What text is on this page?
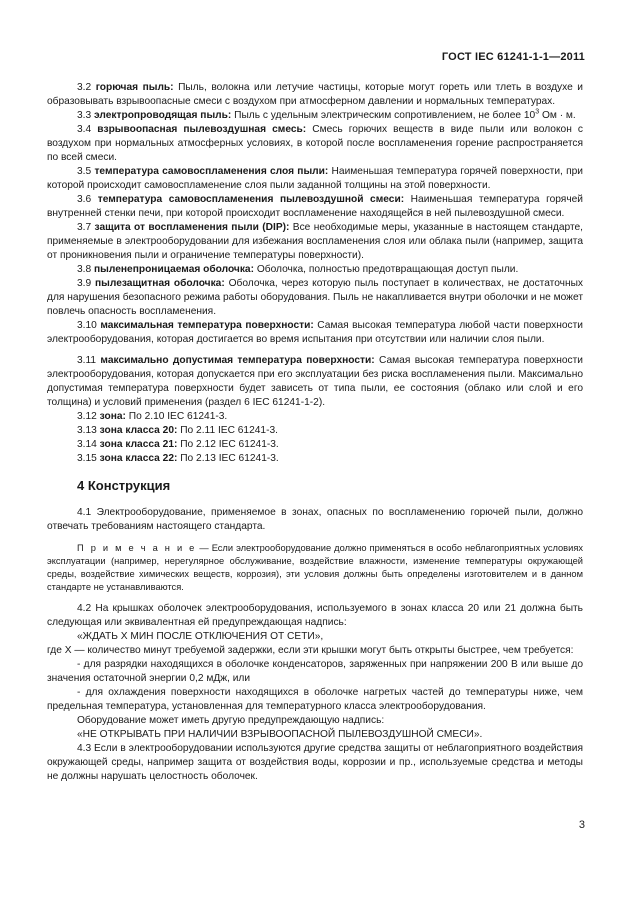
ГОСТ IEC 61241-1-1—2011

3.2 горючая пыль: Пыль, волокна или летучие частицы, которые могут гореть или тлеть в воздухе и образовывать взрывоопасные смеси с воздухом при атмосферном давлении и нормальных температурах.

3.3 электропроводящая пыль: Пыль с удельным электрическим сопротивлением, не более $10^3$ Ом · м.

3.4 взрывоопасная пылевоздушная смесь: Смесь горючих веществ в виде пыли или волокон с воздухом при нормальных атмосферных условиях, в которой после воспламенения горение распространяется по всей смеси.

3.5 температура самовоспламенения слоя пыли: Наименьшая температура горячей поверхности, при которой происходит самовоспламенение слоя пыли заданной толщины на этой поверхности.

3.6 температура самовоспламенения пылевоздушной смеси: Наименьшая температура горячей внутренней стенки печи, при которой происходит воспламенение находящейся в ней пылевоздушной смеси.

3.7 защита от воспламенения пыли (DIP): Все необходимые меры, указанные в настоящем стандарте, применяемые в электрооборудовании для избежания воспламенения слоя или облака пыли (например, защита от проникновения пыли и ограничение температуры поверхности).

3.8 пыленепроницаемая оболочка: Оболочка, полностью предотвращающая доступ пыли.

3.9 пылезащитная оболочка: Оболочка, через которую пыль поступает в количествах, не достаточных для нарушения безопасного режима работы оборудования. Пыль не накапливается внутри оболочки и не может повлечь опасность воспламенения.

3.10 максимальная температура поверхности: Самая высокая температура любой части поверхности электрооборудования, которая достигается во время испытания при отсутствии или наличии слоя пыли.

3.11 максимально допустимая температура поверхности: Самая высокая температура поверхности электрооборудования, которая допускается при его эксплуатации без риска воспламенения пыли. Максимально допустимая температура поверхности будет зависеть от типа пыли, ее состояния (облако или слой и его толщина) и условий применения (раздел 6 IEC 61241-1-2).

3.12 зона: По 2.10 IEC 61241-3.

3.13 зона класса 20: По 2.11 IEC 61241-3.

3.14 зона класса 21: По 2.12 IEC 61241-3.

3.15 зона класса 22: По 2.13 IEC 61241-3.

4 Конструкция

4.1 Электрооборудование, применяемое в зонах, опасных по воспламенению горючей пыли, должно отвечать требованиям настоящего стандарта.

П р и м е ч а н и е — Если электрооборудование должно применяться в особо неблагоприятных условиях эксплуатации (например, нерегулярное обслуживание, воздействие влажности, изменение температуры окружающей среды, воздействие химических веществ, коррозия), эти условия должны быть определены изготовителем и в данном стандарте не устанавливаются.

4.2 На крышках оболочек электрооборудования, используемого в зонах класса 20 или 21 должна быть следующая или эквивалентная ей предупреждающая надпись:

«ЖДАТЬ X МИН ПОСЛЕ ОТКЛЮЧЕНИЯ ОТ СЕТИ»,

где X — количество минут требуемой задержки, если эти крышки могут быть открыты быстрее, чем требуется:

- для разрядки находящихся в оболочке конденсаторов, заряженных при напряжении 200 В или выше до значения остаточной энергии 0,2 мДж, или

- для охлаждения поверхности находящихся в оболочке нагретых частей до температуры ниже, чем предельная температура, установленная для температурного класса электрооборудования.

Оборудование может иметь другую предупреждающую надпись:

«НЕ ОТКРЫВАТЬ ПРИ НАЛИЧИИ ВЗРЫВООПАСНОЙ ПЫЛЕВОЗДУШНОЙ СМЕСИ».

4.3 Если в электрооборудовании используются другие средства защиты от неблагоприятного воздействия окружающей среды, например защита от воздействия воды, коррозии и пр., используемые средства и методы не должны нарушать целостность оболочек.

3
